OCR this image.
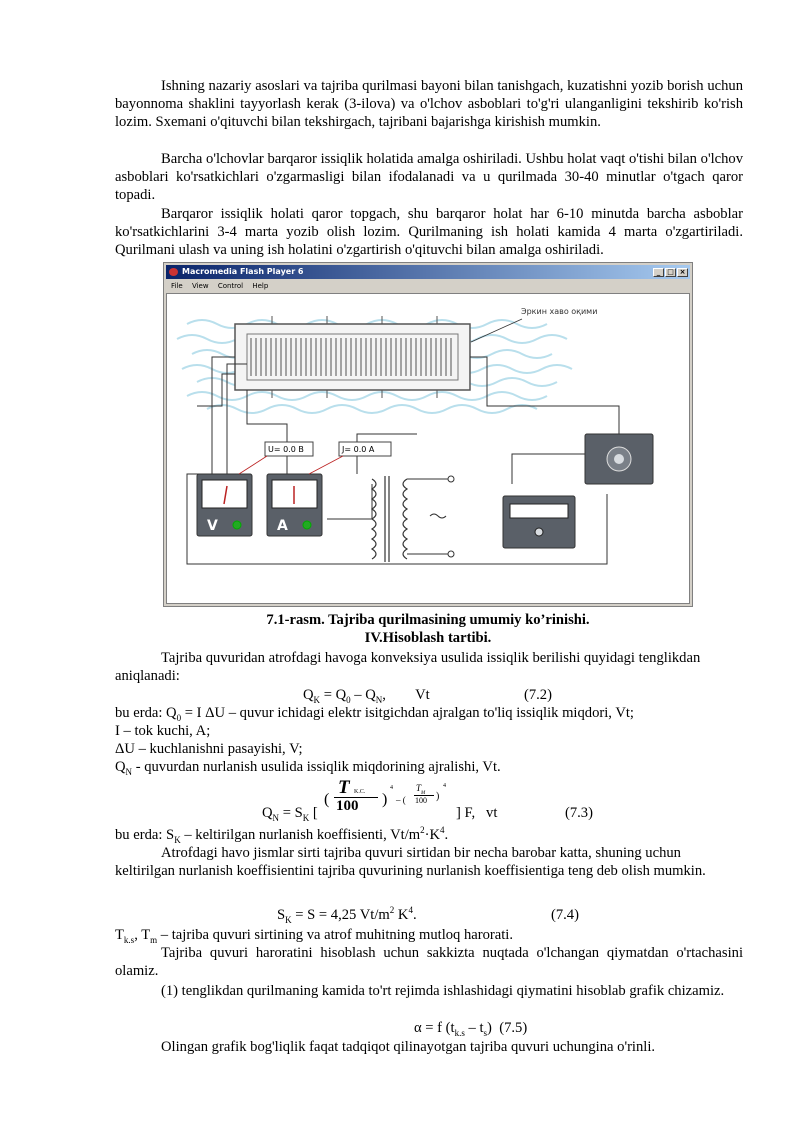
Ishning nazariy asoslari va tajriba qurilmasi bayoni bilan tanishgach, kuzatishni yozib borish uchun bayonnoma shaklini tayyorlash kerak (3-ilova) va o'lchov asboblari to'g'ri ulanganligini tekshirib ko'rish lozim. Sxemani o'qituvchi bilan tekshirgach, tajribani bajarishga kirishish mumkin.
Barcha o'lchovlar barqaror issiqlik holatida amalga oshiriladi. Ushbu holat vaqt o'tishi bilan o'lchov asboblari ko'rsatkichlari o'zgarmasligi bilan ifodalanadi va u qurilmada 30-40 minutlar o'tgach qaror topadi.
Barqaror issiqlik holati qaror topgach, shu barqaror holat har 6-10 minutda barcha asboblar ko'rsatkichlarini 3-4 marta yozib olish lozim. Qurilmaning ish holati kamida 4 marta o'zgartiriladi. Qurilmani ulash va uning ish holatini o'zgartirish o'qituvchi bilan amalga oshiriladi.
Macromedia Flash Player 6	_ □ ×
File View Control Help
Эркин хаво оқими
V	A
U= 0.0 B	J= 0.0 A
7.1-rasm. Tajriba qurilmasining umumiy ko’rinishi.
IV.Hisoblash tartibi.
Tajriba quvuridan atrofdagi havoga konveksiya usulida issiqlik berilishi quyidagi tenglikdan aniqlanadi:
$Q_K = Q_0 - Q_N$,        Vt	(7.2)
bu erda: $Q_0 = I$ ΔU – quvur ichidagi elektr isitgichdan ajralgan to'liq issiqlik miqdori, Vt;
I – tok kuchi, A;
ΔU – kuchlanishni pasayishi, V;
$Q_N$ - quvurdan nurlanish usulida issiqlik miqdorining ajralishi, Vt.
$Q_N = S_K$ [
(
T K.C.
100 )
4
– (
$T_M$
100 )
4
] F,   vt	(7.3)
bu erda: $S_K$ – keltirilgan nurlanish koeffisienti, $Vt/m^2\cdot K^4$.
Atrofdagi havo jismlar sirti tajriba quvuri sirtidan bir necha barobar katta, shuning uchun keltirilgan nurlanish koeffisientini tajriba quvurining nurlanish koeffisientiga teng deb olish mumkin.
$S_K = S = 4,25$ $Vt/m^2$ $K^4$.	(7.4)
$T_{k.s}$, $T_m$ – tajriba quvuri sirtining va atrof muhitning mutloq harorati.
Tajriba quvuri haroratini hisoblash uchun sakkizta nuqtada o'lchangan qiymatdan o'rtachasini olamiz.
(1) tenglikdan qurilmaning kamida to'rt rejimda ishlashidagi qiymatini hisoblab grafik chizamiz.
α = f $(t_{k.s} - t_s)$  (7.5)
Olingan grafik bog'liqlik faqat tadqiqot qilinayotgan tajriba quvuri uchungina o'rinli.
